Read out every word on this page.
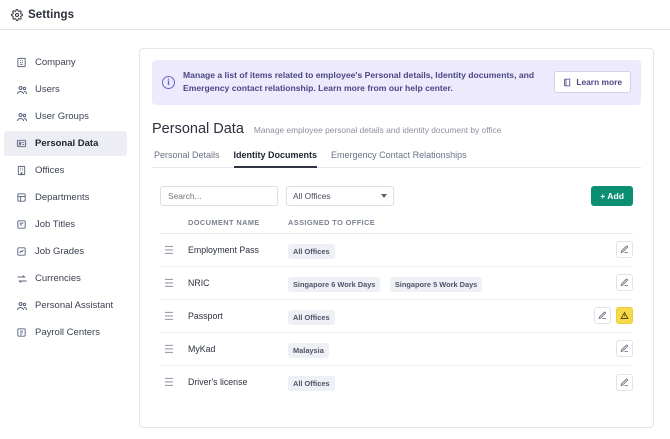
Settings
Company
Users
User Groups
Personal Data
Offices
Departments
Job Titles
Job Grades
Currencies
Personal Assistant
Payroll Centers
i
Manage a list of items related to employee's Personal details, Identity documents, and Emergency contact relationship. Learn more from our help center.
Learn more
Personal Data Manage employee personal details and identity document by office
Personal Details Identity Documents Emergency Contact Relationships
Search...
All Offices	+ Add
DOCUMENT NAME	ASSIGNED TO OFFICE
☰	Employment Pass	All Offices
☰	NRIC	Singapore 6 Work Days	Singapore 5 Work Days
☰	Passport	All Offices
☰	MyKad	Malaysia
☰	Driver's license	All Offices
